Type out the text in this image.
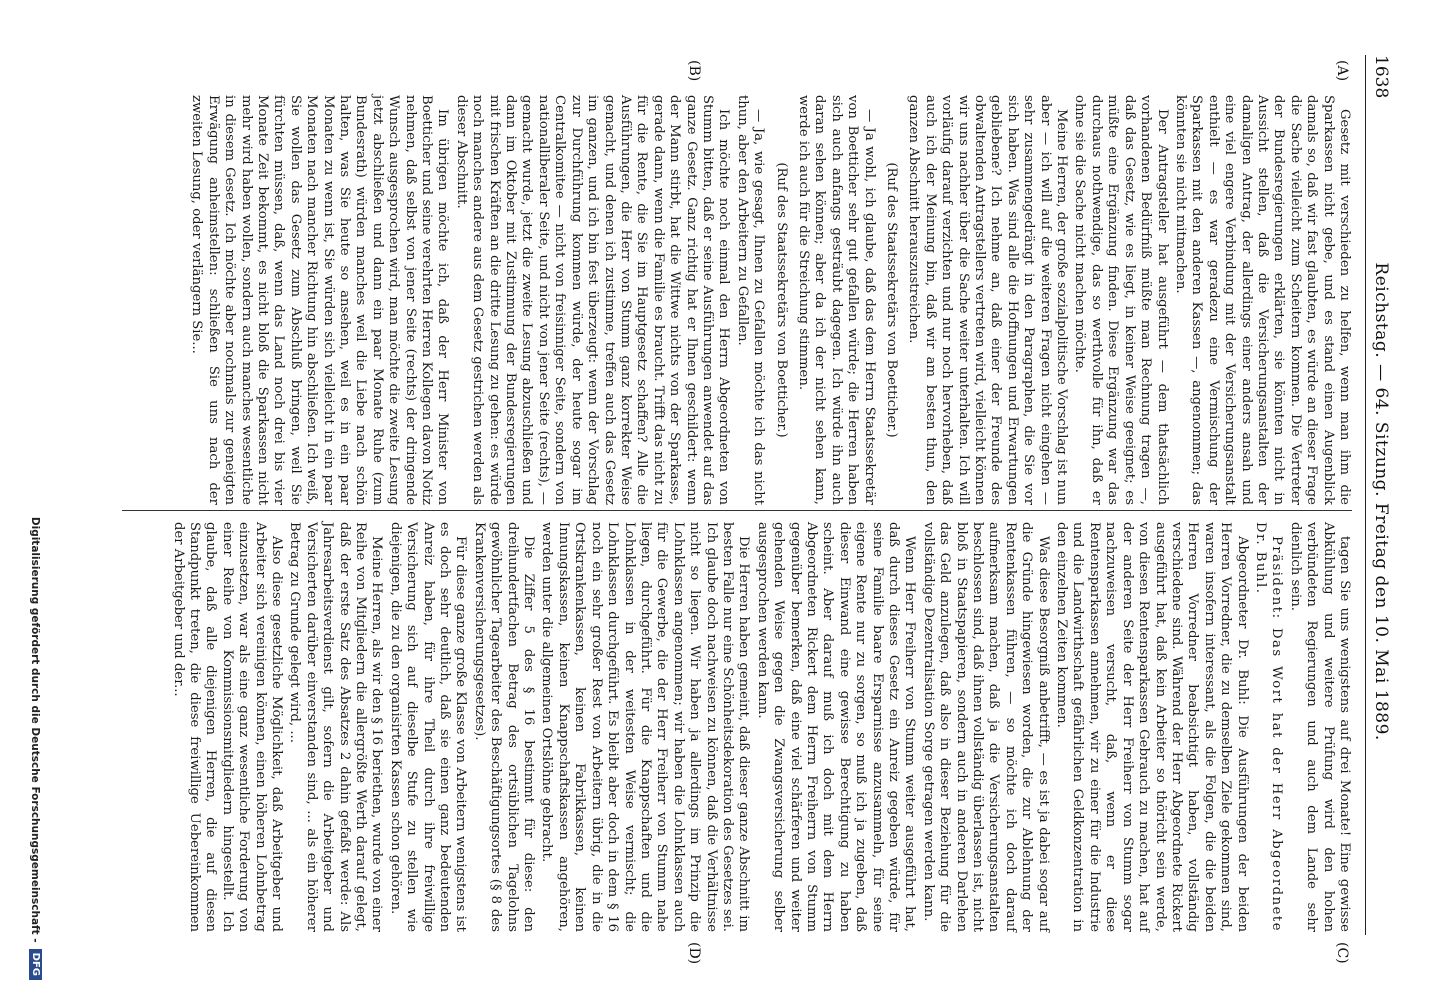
1638
Reichstag. — 64. Sitzung. Freitag den 10. Mai 1889.
(A)
(B)
(C)
(D)

Gesetz mit verschieden zu helfen, wenn man ihm die Sparkassen nicht gebe, und es stand einen Augenblick damals so, daß wir fast glaubten, es würde an dieser Frage die Sache vielleicht zum Scheitern kommen. Die Vertreter der Bundesregierungen erklärten, sie könnten nicht in Aussicht stellen, daß die Versicherungsanstalten der damaligen Antrag, der allerdings einer anders ansah und eine viel engere Verbindung mit der Versicherungsanstalt enthielt — es war geradezu eine Vermischung der Sparkassen mit den anderen Kassen —, angenommen; das könnten sie nicht mitmachen.

Der Antragsteller hat ausgeführt — dem thatsächlich vorhandenen Bedürfniß müßte man Rechnung tragen —, daß das Gesetz, wie es liegt, in keiner Weise geeignet; es müßte eine Ergänzung finden. Diese Ergänzung war das durchaus nothwendige, das so werthvolle für ihn, daß er ohne sie die Sache nicht machen möchte.

Meine Herren, der große sozialpolitische Vorschlag ist nun aber — ich will auf die weiteren Fragen nicht eingehen — sehr zusammengedrängt in den Paragraphen, die Sie vor sich haben. Was sind alle die Hoffnungen und Erwartungen gebliebene? Ich nehme an, daß einer der Freunde des obwaltenden Antragstellers vertreten wird, vielleicht können wir uns nachher über die Sache weiter unterhalten. Ich will vorläufig darauf verzichten und nur noch hervorheben, daß auch ich der Meinung bin, daß wir am besten thun, den ganzen Abschnitt herauszustreichen.

(Ruf des Staatssekretärs von Boetticher.)

— Ja wohl, ich glaube, daß das dem Herrn Staatssekretär von Boetticher sehr gut gefallen würde; die Herren haben sich auch anfangs gesträubt dagegen. Ich würde ihn auch daran sehen können; aber da ich der nicht sehen kann, werde ich auch für die Streichung stimmen.

(Ruf des Staatssekretärs von Boetticher.)

— Ja, wie gesagt, Ihnen zu Gefallen möchte ich das nicht thun, aber den Arbeitern zu Gefallen.

Ich möchte noch einmal den Herrn Abgeordneten von Stumm bitten, daß er seine Ausführungen anwendet auf das ganze Gesetz. Ganz richtig hat er Ihnen geschildert: wenn der Mann stirbt, hat die Wittwe nichts von der Sparkasse, gerade dann, wenn die Familie es braucht. Trifft das nicht zu für die Rente, die Sie im Hauptgesetz schaffen? Alle die Ausführungen, die Herr von Stumm ganz korrekter Weise gemacht, und denen ich zustimme, treffen auch das Gesetz im ganzen, und ich bin fest überzeugt: wenn der Vorschlag zur Durchführung kommen würde, der heute sogar im Centralkomitee — nicht von freisinniger Seite, sondern von nationalliberaler Seite, und nicht von jener Seite (rechts), — gemacht wurde, jetzt die zweite Lesung abzuschließen und dann im Oktober mit Zustimmung der Bundesregierungen mit frischen Kräften an die dritte Lesung zu gehen: es würde noch manches andere aus dem Gesetz gestrichen werden als dieser Abschnitt.

Im übrigen möchte ich, daß der Herr Minister von Boetticher und seine verehrten Herren Kollegen davon Notiz nehmen, daß selbst von jener Seite (rechts) der dringende Wunsch ausgesprochen wird, man möchte die zweite Lesung jetzt abschließen und dann ein paar Monate Ruhe (zum Bundesrath) würden manches weil die Liebe nach schön halten, was Sie heute so ansehen, weil es in ein paar Monaten zu wenn ist, Sie würden sich vielleicht in ein paar Monaten nach mancher Richtung hin abschließen. Ich weiß, Sie wollen das Gesetz zum Abschluß bringen, weil Sie fürchten müssen, daß, wenn das Land noch drei bis vier Monate Zeit bekommt, es nicht bloß die Sparkassen nicht mehr wird haben wollen, sondern auch manches wesentliche in diesem Gesetz. Ich möchte aber nochmals zur geneigten Erwägung anheimstellen: schließen Sie uns nach der zweiten Lesung, oder verlängern Sie...

tagen Sie uns wenigstens auf drei Monate! Eine gewisse Abkühlung und weitere Prüfung wird den hohen verbündeten Regierungen und auch dem Lande sehr dienlich sein.

Präsident: Das Wort hat der Herr Abgeordnete Dr. Buhl.

Abgeordneter Dr. Buhl: Die Ausführungen der beiden Herren Vorredner, die zu demselben Ziele gekommen sind, waren insofern interessant, als die Folgen, die die beiden Herren Vorredner beabsichtigt haben, vollständig verschiedene sind. Während der Herr Abgeordnete Rickert ausgeführt hat, daß kein Arbeiter so thöricht sein werde, von diesen Rentensparkassen Gebrauch zu machen, hat auf der anderen Seite der Herr Freiherr von Stumm sogar nachzuweisen versucht, daß, wenn er diese Rentensparkassen annehmen, wir zu einer für die Industrie und die Landwirthschaft gefährlichen Geldkonzentration in den einzelnen Zeiten kommen.

Was diese Besorgniß anbetrifft, — es ist ja dabei sogar auf die Gründe hingewiesen worden, die zur Ablehnung der Rentenkassen führen, — so möchte ich doch darauf aufmerksam machen, daß ja die Versicherungsanstalten beschlossen sind, daß ihnen vollständig überlassen ist, nicht bloß in Staatspapieren, sondern auch in anderen Darlehen das Geld anzulegen, daß also in dieser Beziehung für die vollständige Dezentralisation Sorge getragen werden kann.

Wenn Herr Freiherr von Stumm weiter ausgeführt hat, daß durch dieses Gesetz ein Anreiz gegeben würde, für seine Familie baare Ersparnisse anzusammeln, für seine eigene Rente nur zu sorgen, so muß ich ja zugeben, daß dieser Einwand eine gewisse Berechtigung zu haben scheint. Aber darauf muß ich doch mit dem Herrn Abgeordneten Rickert dem Herrn Freiherrn von Stumm gegenüber bemerken, daß eine viel schärferen und weiter gehenden Weise gegen die Zwangsversicherung selber ausgesprochen werden kann.

Die Herren haben gemeint, daß dieser ganze Abschnitt im besten Falle nur eine Schönheitsdekoration des Gesetzes sei. Ich glaube doch nachweisen zu können, daß die Verhältnisse nicht so liegen. Wir haben ja allerdings im Prinzip die Lohnklassen angenommen; wir haben die Lohnklassen auch für die Gewerbe, die der Herr Freiherr von Stumm nahe liegen, durchgeführt. Für die Knappschaften und die Lohnklassen in der weitesten Weise vermischt; die Lohnklassen durchgeführt. Es bleibt aber doch in dem § 16 noch ein sehr großer Rest von Arbeitern übrig, die in die Ortskrankenkassen, keinen Fabrikkassen, keinen Innungskassen, keinen Knappschaftskassen angehören, werden unter die allgemeinen Ortslöhne gebracht.

Die Ziffer 5 des § 16 bestimmt für diese: den dreihundertfachen Betrag des ortsüblichen Tagelohns gewöhnlicher Tagearbeiter des Beschäftigungsortes (§ 8 des Krankenversicherungsgesetzes).

Für diese ganze große Klasse von Arbeitern wenigstens ist es doch sehr deutlich, daß sie einen ganz bedeutenden Anreiz haben, für ihre Theil durch ihre freiwillige Versicherung sich auf dieselbe Stufe zu stellen wie diejenigen, die zu den organisirten Kassen schon gehören.

Meine Herren, als wir den § 16 beriethen, wurde von einer Reihe von Mitgliedern die allergrößte Werth darauf gelegt, daß der erste Satz des Absatzes 2 dahin gefaßt werde: Als Jahresarbeitsverdienst gilt, sofern die Arbeitgeber und Versicherten darüber einverstanden sind, ... als ein höherer Betrag zu Grunde gelegt wird, ...

Also diese gesetzliche Möglichkeit, daß Arbeitgeber und Arbeiter sich vereinigen können, einen höheren Lohnbetrag einzusetzen, war als eine ganz wesentliche Forderung von einer Reihe von Kommissionsmitgliedern hingestellt. Ich glaube, daß alle diejenigen Herren, die auf diesen Standpunkt treten, die diese freiwillige Uebereinkommen der Arbeitgeber und der...

Digitalisierung gefördert durch die Deutsche Forschungsgemeinschaft -
DFG
